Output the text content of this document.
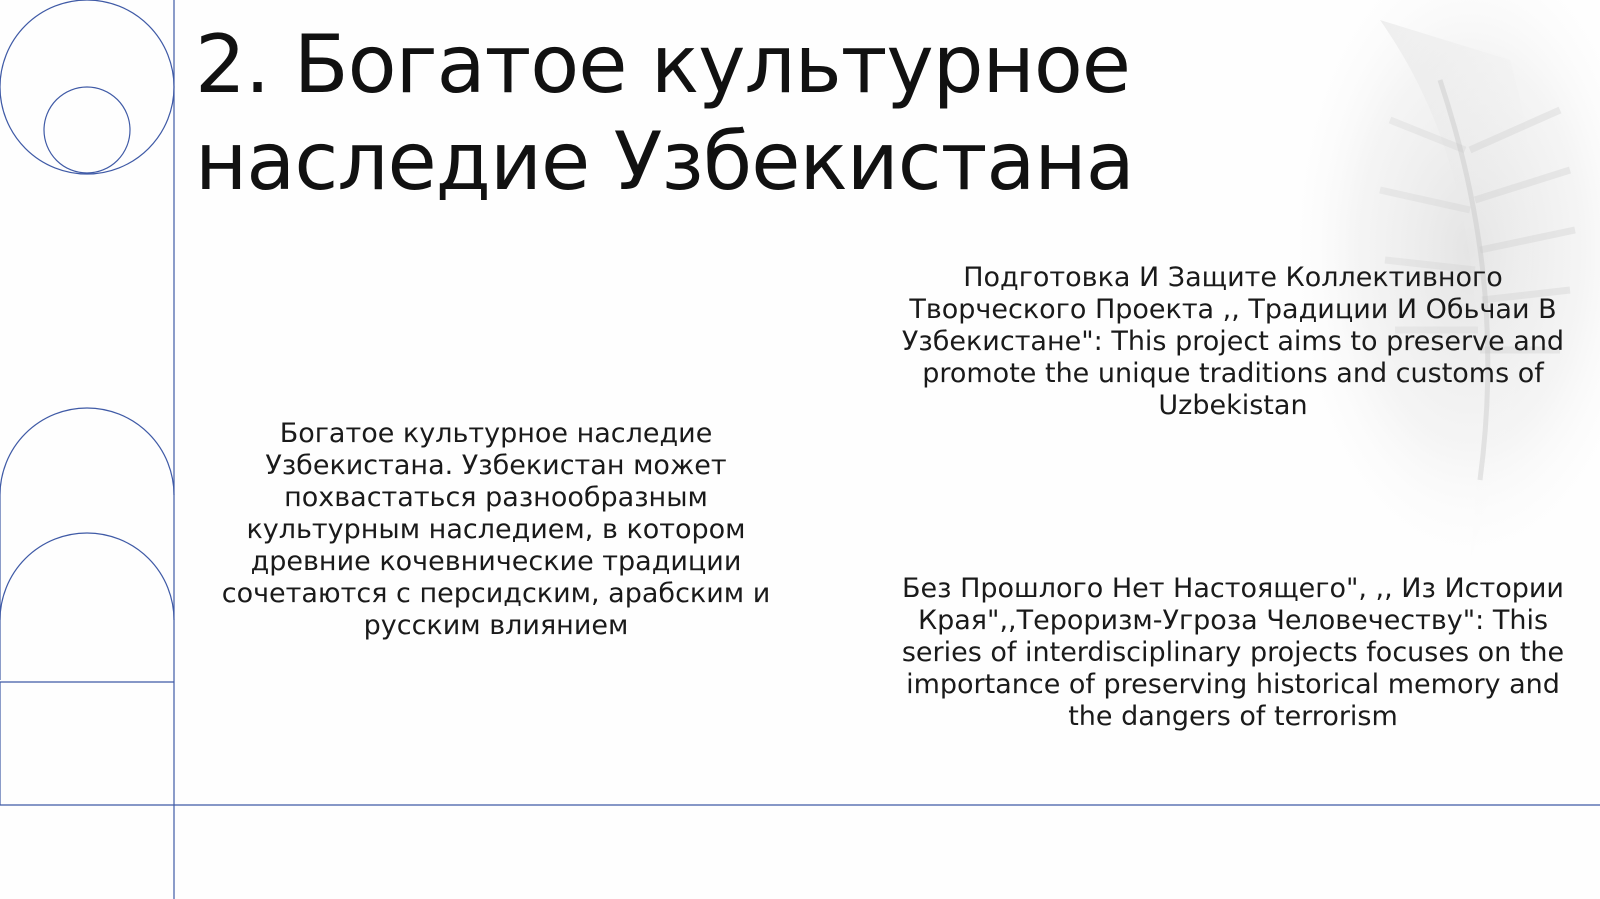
2. Богатое культурное
наследие Узбекистана

Богатое культурное наследие Узбекистана. Узбекистан может похвастаться разнообразным культурным наследием, в котором древние кочевнические традиции сочетаются с персидским, арабским и русским влиянием

Подготовка И Защите Коллективного Творческого Проекта ,, Традиции И Обьчаи В Узбекистане": This project aims to preserve and promote the unique traditions and customs of Uzbekistan

Без Прошлого Нет Настоящего", ,, Из Истории Края",,Тероризм-Угроза Человечеству": This series of interdisciplinary projects focuses on the importance of preserving historical memory and the dangers of terrorism
